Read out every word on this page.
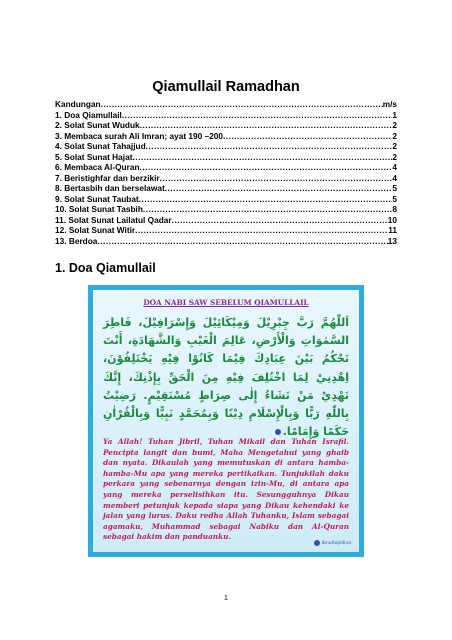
Qiamullail Ramadhan
Kandungan .....	m/s
1. Doa Qiamullail .....	1
2. Solat Sunat Wuduk .....	2
3. Membaca surah Ali Imran; ayat 190 –200 .....	2
4. Solat Sunat Tahajjud .....	2
5. Solat Sunat Hajat .....	2
6. Membaca Al-Quran .....	4
7. Beristighfar dan berzikir .....	4
8. Bertasbih dan berselawat .....	5
9. Solat Sunat Taubat .....	5
10. Solat Sunat Tasbih .....	8
11. Solat Sunat Lailatul Qadar .....	10
12. Solat Sunat Witir .....	11
13. Berdoa .....	13
1. Doa Qiamullail
DOA NABI SAW SEBELUM QIAMULLAIL
اَللّٰهُمَّ رَبَّ جِبْرِيْلَ وَمِيْكَائِيْلَ وَإِسْرَافِيْلَ، فَاطِرَ السَّمٰوَاتِ وَالْأَرْضِ، عَالِمَ الْغَيْبِ وَالشَّهَادَةِ، أَنْتَ تَحْكُمُ بَيْنَ عِبَادِكَ فِيْمَا كَانُوْا فِيْهِ يَخْتَلِفُوْنَ، اِهْدِنِيْ لِمَا اخْتُلِفَ فِيْهِ مِنَ الْحَقِّ بِإِذْنِكَ، إِنَّكَ تَهْدِيْ مَنْ تَشَاءُ إِلٰى صِرَاطٍ مُسْتَقِيْمٍ. رَضِيْتُ بِاللّٰهِ رَبًّا وَبِالْإِسْلَامِ دِيْنًا وَبِمُحَمَّدٍ نَبِيًّا وَبِالْقُرْاٰنِ حَكَمًا وَإِمَامًا.
Ya Allah! Tuhan Jibril, Tuhan Mikail dan Tuhan Israfil. Pencipta langit dan bumi, Maha Mengetahui yang ghaib dan nyata. Dikaulah yang memutuskan di antara hamba-hamba-Mu apa yang mereka pertikaikan. Tunjukilah daku perkara yang sebenarnya dengan izin-Mu, di antara apa yang mereka perselisihkan itu. Sesungguhnya Dikau memberi petunjuk kepada siapa yang Dikau kehendaki ke jalan yang lurus. Daku redha Allah Tuhanku, Islam sebagai agamaku, Muhammad sebagai Nabiku dan Al-Quran sebagai hakim dan panduanku.
Ibnufaqidlina
1
